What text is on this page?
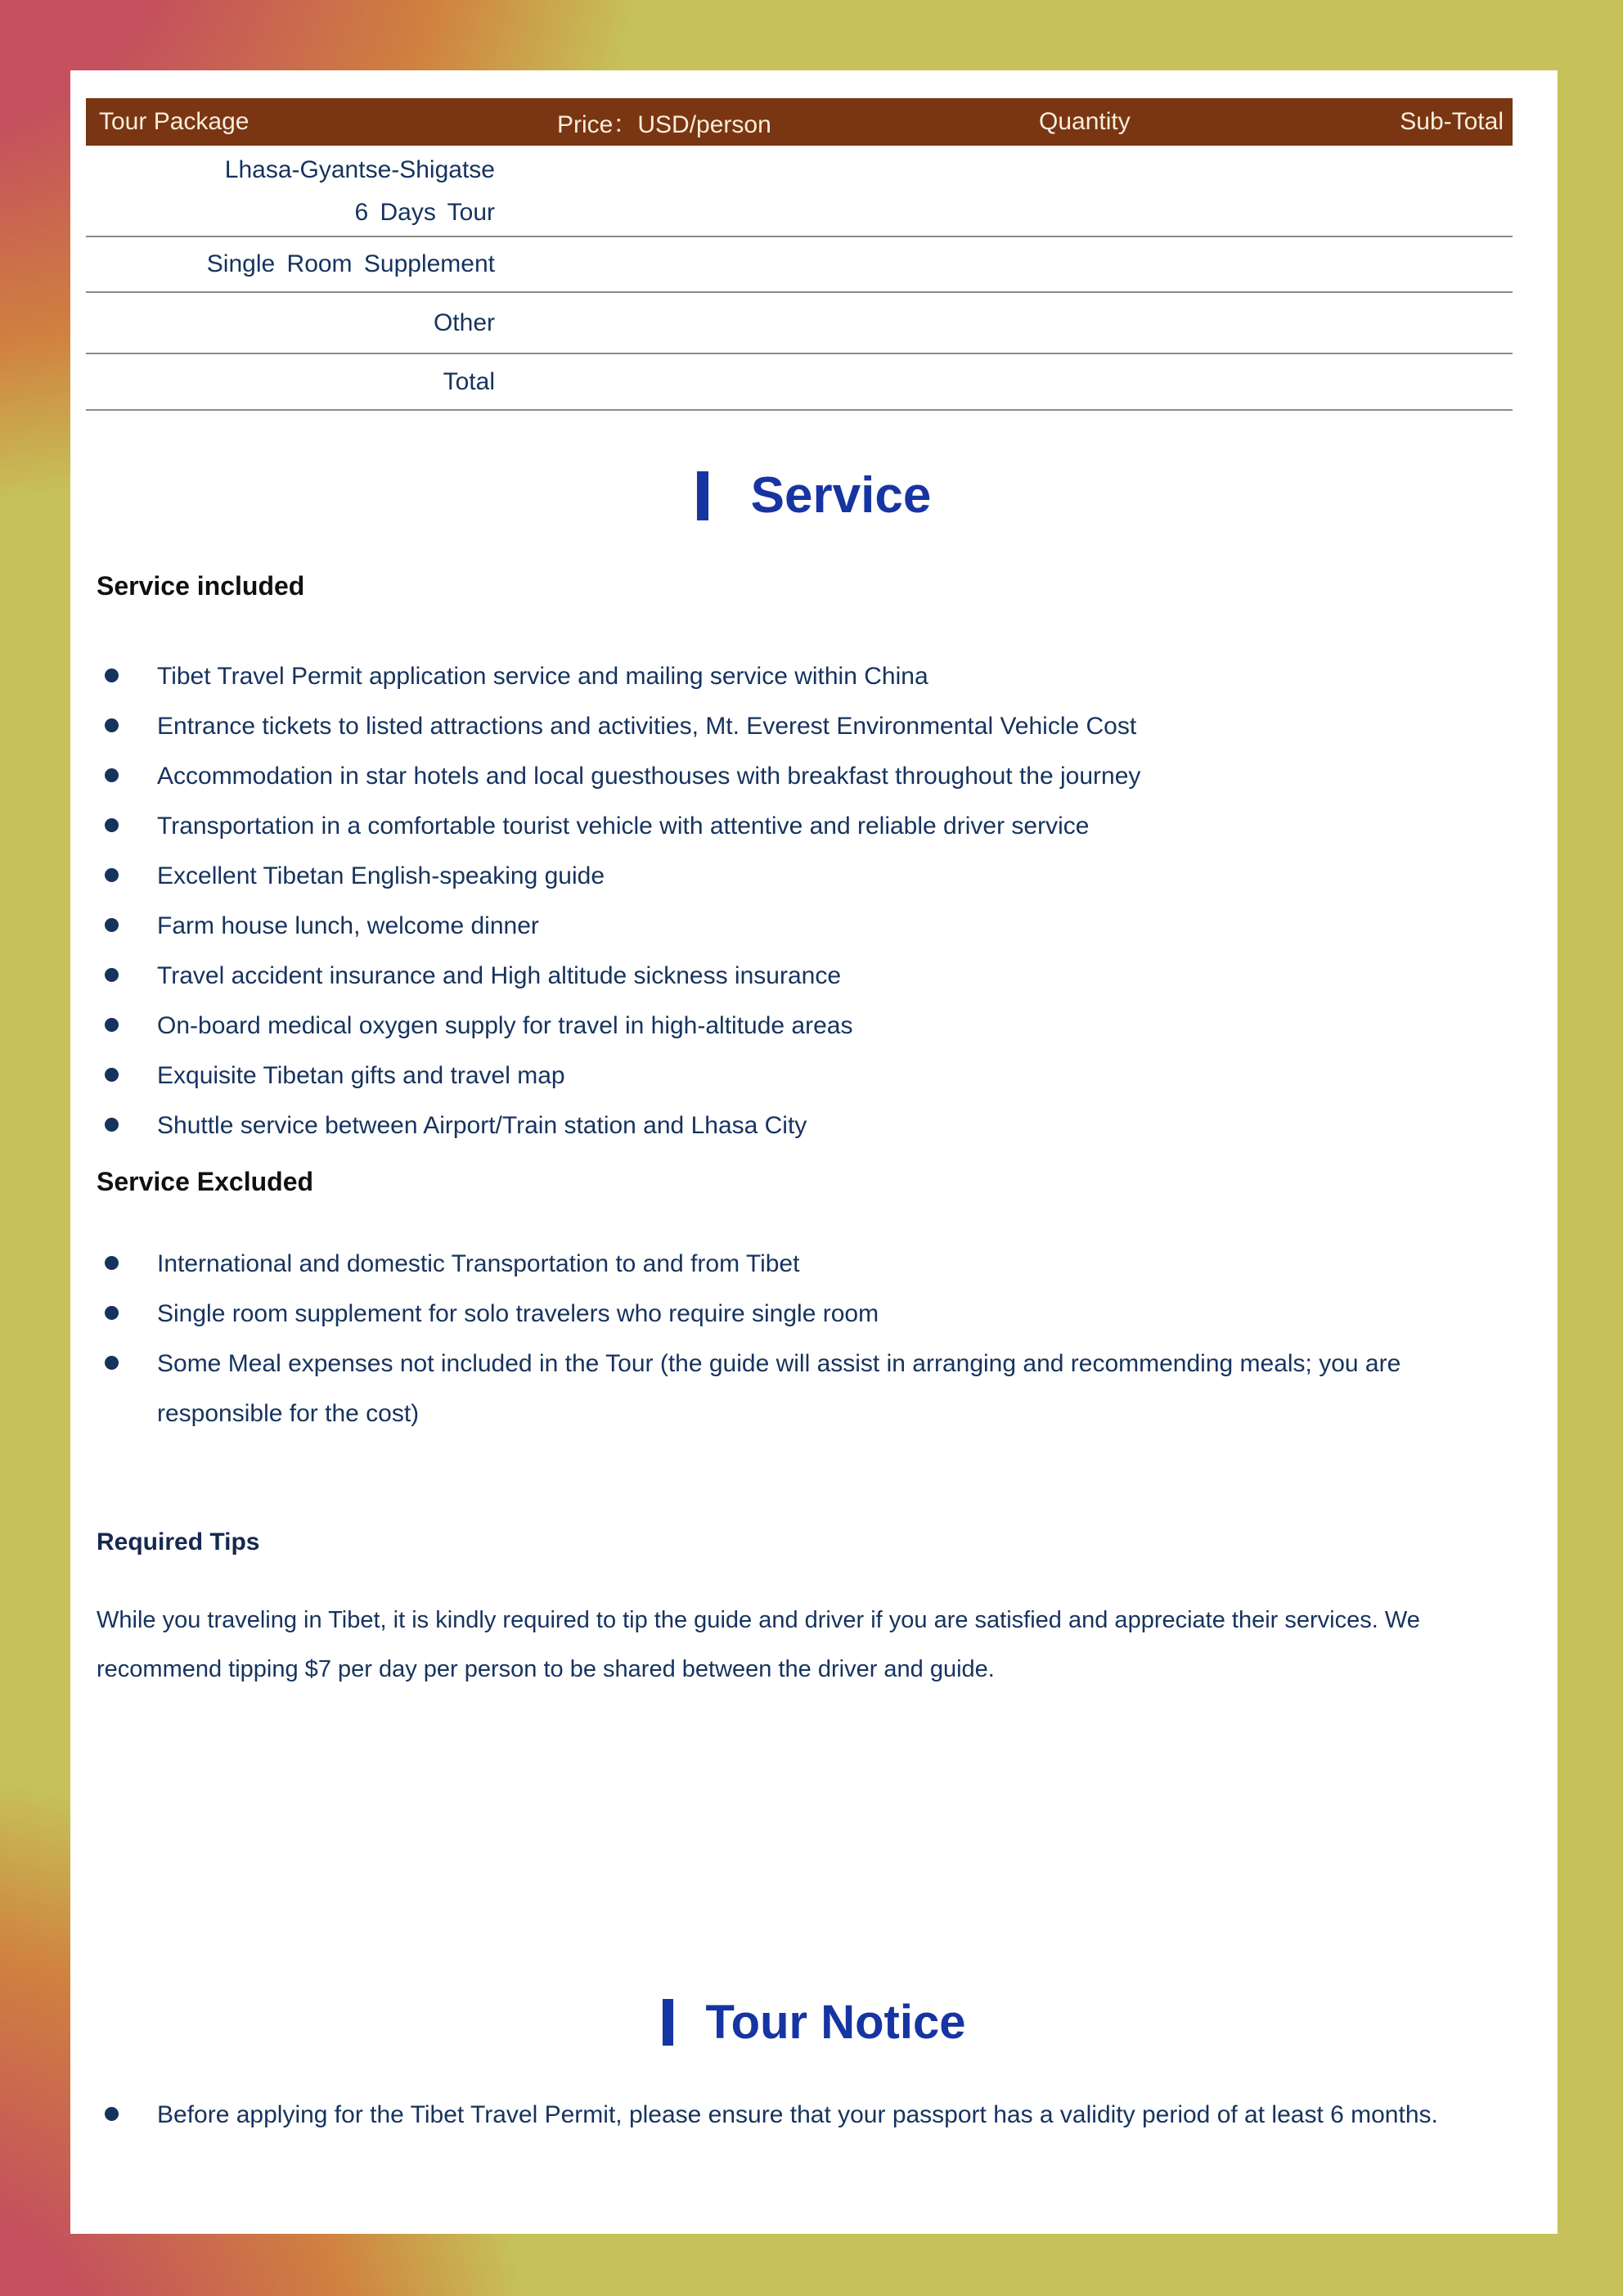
Tour Package	Price：USD/person	Quantity	Sub-Total
Lhasa-Gyantse-Shigatse
6 Days Tour
Single Room Supplement
Other
Total
Service
Service included
Tibet Travel Permit application service and mailing service within China
Entrance tickets to listed attractions and activities, Mt. Everest Environmental Vehicle Cost
Accommodation in star hotels and local guesthouses with breakfast throughout the journey
Transportation in a comfortable tourist vehicle with attentive and reliable driver service
Excellent Tibetan English-speaking guide
Farm house lunch, welcome dinner
Travel accident insurance and High altitude sickness insurance
On-board medical oxygen supply for travel in high-altitude areas
Exquisite Tibetan gifts and travel map
Shuttle service between Airport/Train station and Lhasa City
Service Excluded
International and domestic Transportation to and from Tibet
Single room supplement for solo travelers who require single room
Some Meal expenses not included in the Tour (the guide will assist in arranging and recommending meals; you are responsible for the cost)
Required Tips
While you traveling in Tibet, it is kindly required to tip the guide and driver if you are satisfied and appreciate their services. We recommend tipping $7 per day per person to be shared between the driver and guide.
Tour Notice
Before applying for the Tibet Travel Permit, please ensure that your passport has a validity period of at least 6 months.
